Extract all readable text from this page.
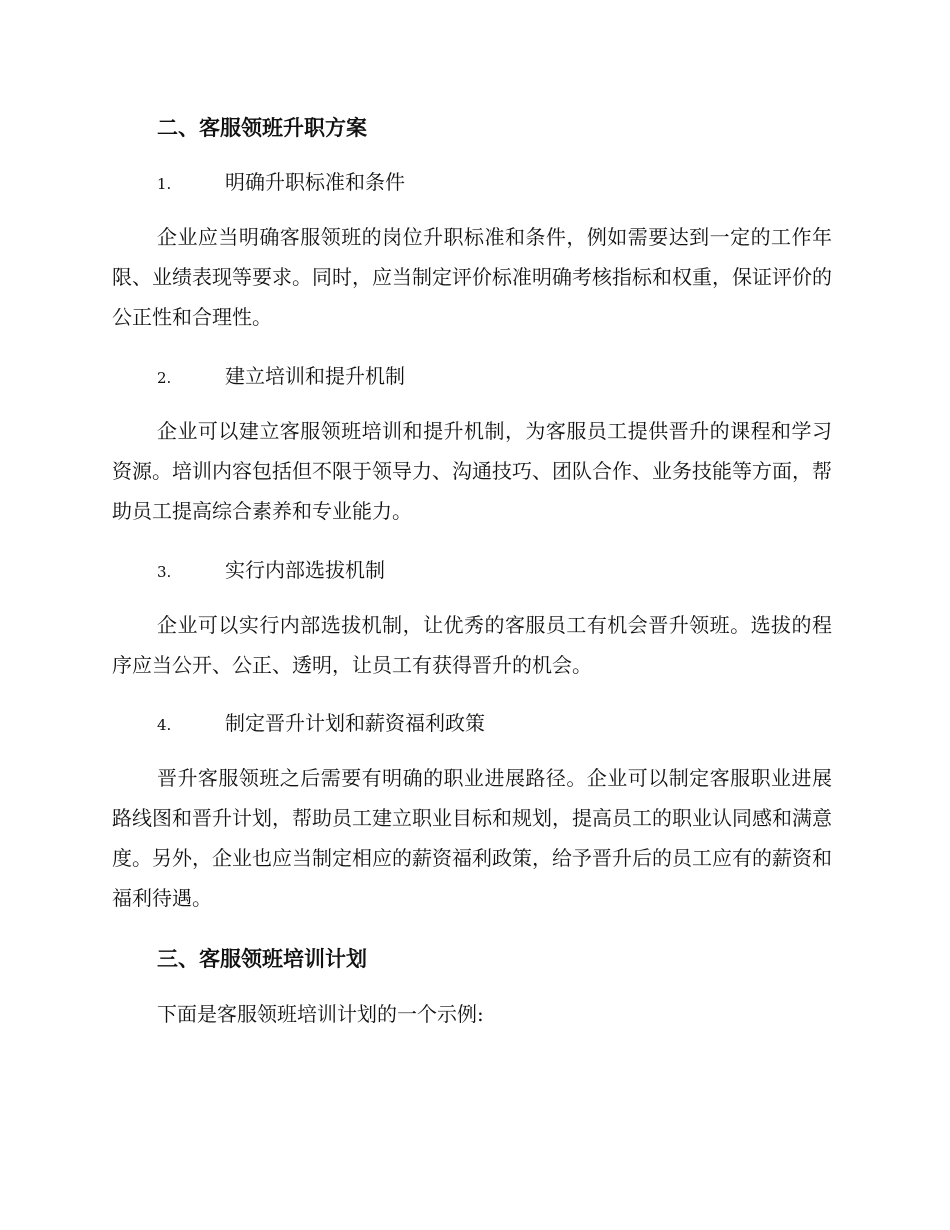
二、客服领班升职方案
1.	明确升职标准和条件
企业应当明确客服领班的岗位升职标准和条件，例如需要达到一定的工作年限、业绩表现等要求。同时，应当制定评价标准明确考核指标和权重，保证评价的公正性和合理性。
2.	建立培训和提升机制
企业可以建立客服领班培训和提升机制，为客服员工提供晋升的课程和学习资源。培训内容包括但不限于领导力、沟通技巧、团队合作、业务技能等方面，帮助员工提高综合素养和专业能力。
3.	实行内部选拔机制
企业可以实行内部选拔机制，让优秀的客服员工有机会晋升领班。选拔的程序应当公开、公正、透明，让员工有获得晋升的机会。
4.	制定晋升计划和薪资福利政策
晋升客服领班之后需要有明确的职业进展路径。企业可以制定客服职业进展路线图和晋升计划，帮助员工建立职业目标和规划，提高员工的职业认同感和满意度。另外，企业也应当制定相应的薪资福利政策，给予晋升后的员工应有的薪资和福利待遇。
三、客服领班培训计划
下面是客服领班培训计划的一个示例:
